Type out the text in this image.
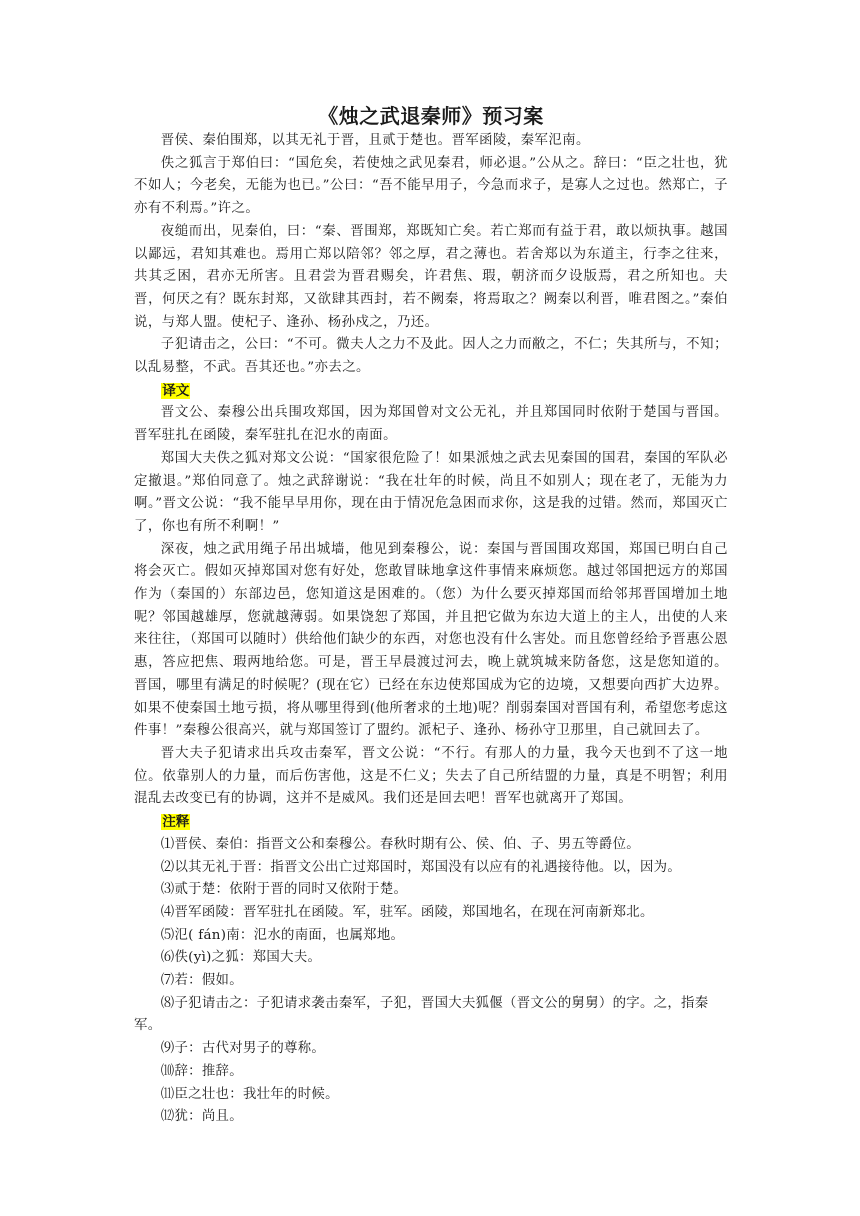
《烛之武退秦师》预习案

晋侯、秦伯围郑，以其无礼于晋，且贰于楚也。晋军函陵，秦军氾南。

佚之狐言于郑伯曰：“国危矣，若使烛之武见秦君，师必退。”公从之。辞曰：“臣之壮也，犹不如人；今老矣，无能为也已。”公曰：“吾不能早用子，今急而求子，是寡人之过也。然郑亡，子亦有不利焉。”许之。

夜缒而出，见秦伯，曰：“秦、晋围郑，郑既知亡矣。若亡郑而有益于君，敢以烦执事。越国以鄙远，君知其难也。焉用亡郑以陪邻？邻之厚，君之薄也。若舍郑以为东道主，行李之往来，共其乏困，君亦无所害。且君尝为晋君赐矣，许君焦、瑕，朝济而夕设版焉，君之所知也。夫晋，何厌之有？既东封郑，又欲肆其西封，若不阙秦，将焉取之？阙秦以利晋，唯君图之。”秦伯说，与郑人盟。使杞子、逢孙、杨孙戍之，乃还。

子犯请击之，公曰：“不可。微夫人之力不及此。因人之力而敝之，不仁；失其所与，不知；以乱易整，不武。吾其还也。”亦去之。

译文

晋文公、秦穆公出兵围攻郑国，因为郑国曾对文公无礼，并且郑国同时依附于楚国与晋国。晋军驻扎在函陵，秦军驻扎在氾水的南面。

郑国大夫佚之狐对郑文公说：“国家很危险了！如果派烛之武去见秦国的国君，秦国的军队必定撤退。”郑伯同意了。烛之武辞谢说：“我在壮年的时候，尚且不如别人；现在老了，无能为力啊。”晋文公说：“我不能早早用你，现在由于情况危急困而求你，这是我的过错。然而，郑国灭亡了，你也有所不利啊！”

深夜，烛之武用绳子吊出城墙，他见到秦穆公，说：秦国与晋国围攻郑国，郑国已明白自己将会灭亡。假如灭掉郑国对您有好处，您敢冒昧地拿这件事情来麻烦您。越过邻国把远方的郑国作为（秦国的）东部边邑，您知道这是困难的。（您）为什么要灭掉郑国而给邻邦晋国增加土地呢？邻国越雄厚，您就越薄弱。如果饶恕了郑国，并且把它做为东边大道上的主人，出使的人来来往往，（郑国可以随时）供给他们缺少的东西，对您也没有什么害处。而且您曾经给予晋惠公恩惠，答应把焦、瑕两地给您。可是，晋王早晨渡过河去，晚上就筑城来防备您，这是您知道的。晋国，哪里有满足的时候呢？(现在它）已经在东边使郑国成为它的边境，又想要向西扩大边界。如果不使秦国土地亏损，将从哪里得到(他所奢求的土地)呢？削弱秦国对晋国有利，希望您考虑这件事！”秦穆公很高兴，就与郑国签订了盟约。派杞子、逢孙、杨孙守卫那里，自己就回去了。

晋大夫子犯请求出兵攻击秦军，晋文公说：“不行。有那人的力量，我今天也到不了这一地位。依靠别人的力量，而后伤害他，这是不仁义；失去了自己所结盟的力量，真是不明智；利用混乱去改变已有的协调，这并不是威风。我们还是回去吧！晋军也就离开了郑国。

注释

⑴晋侯、秦伯：指晋文公和秦穆公。春秋时期有公、侯、伯、子、男五等爵位。

⑵以其无礼于晋：指晋文公出亡过郑国时，郑国没有以应有的礼遇接待他。以，因为。

⑶贰于楚：依附于晋的同时又依附于楚。

⑷晋军函陵：晋军驻扎在函陵。军，驻军。函陵，郑国地名，在现在河南新郑北。

⑸氾( fán)南：氾水的南面，也属郑地。

⑹佚(yì)之狐：郑国大夫。

⑺若：假如。

⑻子犯请击之：子犯请求袭击秦军，子犯，晋国大夫狐偃（晋文公的舅舅）的字。之，指秦军。

⑼子：古代对男子的尊称。

⑽辞：推辞。

⑾臣之壮也：我壮年的时候。

⑿犹：尚且。
